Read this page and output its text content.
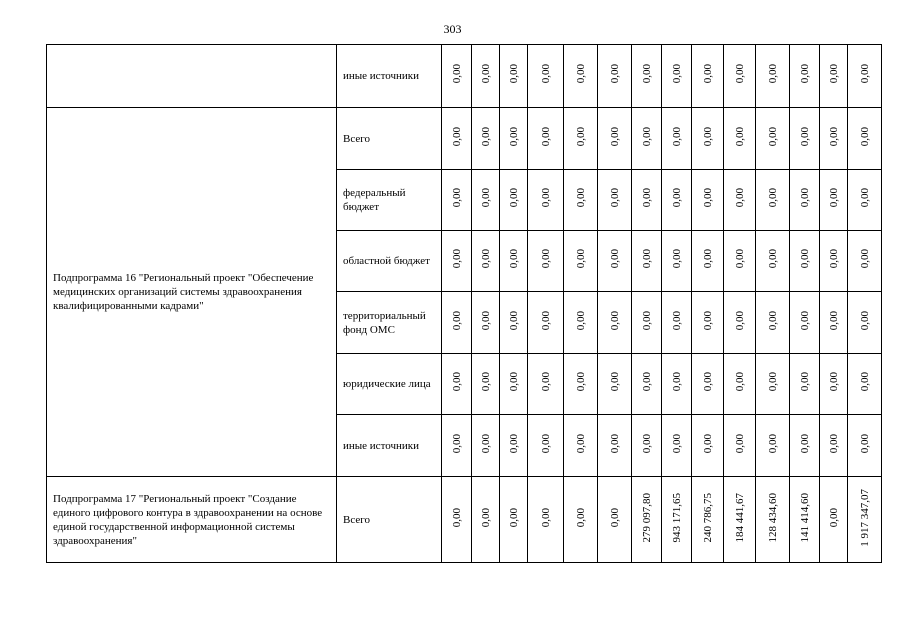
303
	иные источники	0,00	0,00	0,00	0,00	0,00	0,00	0,00	0,00	0,00	0,00	0,00	0,00	0,00	0,00
Подпрограмма 16 "Региональный проект "Обеспечение медицинских организаций системы здравоохранения квалифицированными кадрами"	Всего	0,00	0,00	0,00	0,00	0,00	0,00	0,00	0,00	0,00	0,00	0,00	0,00	0,00	0,00
	федеральный бюджет	0,00	0,00	0,00	0,00	0,00	0,00	0,00	0,00	0,00	0,00	0,00	0,00	0,00	0,00
	областной бюджет	0,00	0,00	0,00	0,00	0,00	0,00	0,00	0,00	0,00	0,00	0,00	0,00	0,00	0,00
	территориальный фонд ОМС	0,00	0,00	0,00	0,00	0,00	0,00	0,00	0,00	0,00	0,00	0,00	0,00	0,00	0,00
	юридические лица	0,00	0,00	0,00	0,00	0,00	0,00	0,00	0,00	0,00	0,00	0,00	0,00	0,00	0,00
	иные источники	0,00	0,00	0,00	0,00	0,00	0,00	0,00	0,00	0,00	0,00	0,00	0,00	0,00	0,00
Подпрограмма 17 "Региональный проект "Создание единого цифрового контура в здравоохранении на основе единой государственной информационной системы здравоохранения"	Всего	0,00	0,00	0,00	0,00	0,00	0,00	279 097,80	943 171,65	240 786,75	184 441,67	128 434,60	141 414,60	0,00	1 917 347,07
